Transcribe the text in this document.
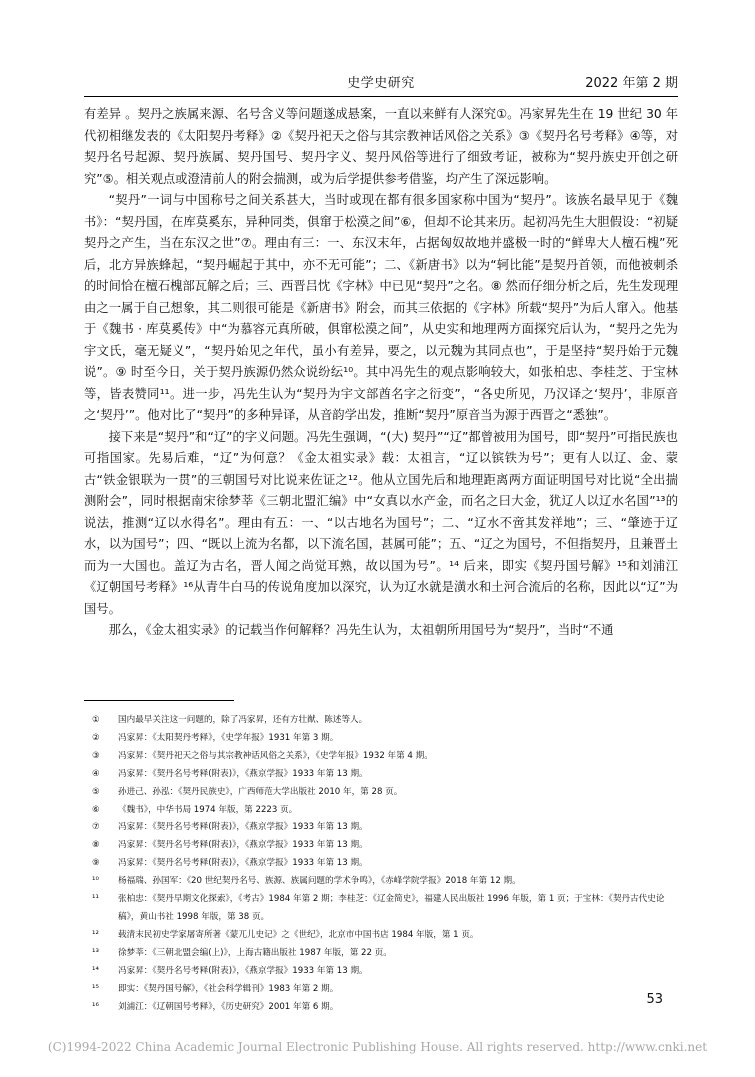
史学史研究	2022 年第 2 期

有差异 。契丹之族属来源、名号含义等问题遂成悬案，一直以来鲜有人深究①。冯家昇先生在 19 世纪 30 年代初相继发表的《太阳契丹考释》②《契丹祀天之俗与其宗教神话风俗之关系》③《契丹名号考释》④等，对契丹名号起源、契丹族属、契丹国号、契丹字义、契丹风俗等进行了细致考证，被称为“契丹族史开创之研究”⑤。相关观点或澄清前人的附会揣测，或为后学提供参考借鉴，均产生了深远影响。

“契丹”一词与中国称号之间关系甚大，当时或现在都有很多国家称中国为“契丹”。该族名最早见于《魏书》：“契丹国，在库莫奚东，异种同类，俱窜于松漠之间”⑥，但却不论其来历。起初冯先生大胆假设：“初疑契丹之产生，当在东汉之世”⑦。理由有三：一、东汉末年，占据匈奴故地并盛极一时的“鲜卑大人檀石槐”死后，北方异族蜂起，“契丹崛起于其中，亦不无可能”；二、《新唐书》以为“轲比能”是契丹首领，而他被刺杀的时间恰在檀石槐部瓦解之后；三、西晋吕忱《字林》中已见“契丹”之名。⑧ 然而仔细分析之后，先生发现理由之一属于自己想象，其二则很可能是《新唐书》附会，而其三依据的《字林》所载“契丹”为后人窜入。他基于《魏书 · 库莫奚传》中“为慕容元真所破，俱窜松漠之间”，从史实和地理两方面探究后认为，“契丹之先为宇文氏，毫无疑义”，“契丹始见之年代，虽小有差异，要之，以元魏为其同点也”，于是坚持“契丹始于元魏说”。⑨ 时至今日，关于契丹族源仍然众说纷纭¹⁰。其中冯先生的观点影响较大，如张柏忠、李桂芝、于宝林等，皆表赞同¹¹。进一步，冯先生认为“契丹为宇文部酋名字之衍变”，“各史所见，乃汉译之‘契丹’，非原音之‘契丹’”。他对比了“契丹”的多种异译，从音韵学出发，推断“契丹”原音当为源于西晋之“悉独”。

接下来是“契丹”和“辽”的字义问题。冯先生强调，“(大) 契丹”“辽”都曾被用为国号，即“契丹”可指民族也可指国家。先易后难，“辽”为何意？《金太祖实录》载：太祖言，“辽以镔铁为号”；更有人以辽、金、蒙古“铁金银联为一贯”的三朝国号对比说来佐证之¹²。他从立国先后和地理距离两方面证明国号对比说“全出揣测附会”，同时根据南宋徐梦莘《三朝北盟汇编》中“女真以水产金，而名之曰大金，犹辽人以辽水名国”¹³的说法，推测“辽以水得名”。理由有五：一、“以古地名为国号”；二、“辽水不啻其发祥地”；三、“肇迹于辽水，以为国号”；四、“既以上流为名都，以下流名国，甚属可能”；五、“辽之为国号，不但指契丹，且兼晋土而为一大国也。盖辽为古名，晋人闻之尚觉耳熟，故以国为号”。¹⁴ 后来，即实《契丹国号解》¹⁵和刘浦江《辽朝国号考释》¹⁶从青牛白马的传说角度加以深究，认为辽水就是潢水和土河合流后的名称，因此以“辽”为国号。

那么，《金太祖实录》的记载当作何解释？冯先生认为，太祖朝所用国号为“契丹”，当时“不通

①	国内最早关注这一问题的，除了冯家昇，还有方壮猷、陈述等人。
②	冯家昇：《太阳契丹考释》，《史学年报》1931 年第 3 期。
③	冯家昇：《契丹祀天之俗与其宗教神话风俗之关系》，《史学年报》1932 年第 4 期。
④	冯家昇：《契丹名号考释(附表)》，《燕京学报》1933 年第 13 期。
⑤	孙进己、孙泓：《契丹民族史》，广西师范大学出版社 2010 年，第 28 页。
⑥	《魏书》，中华书局 1974 年版，第 2223 页。
⑦	冯家昇：《契丹名号考释(附表)》，《燕京学报》1933 年第 13 期。
⑧	冯家昇：《契丹名号考释(附表)》，《燕京学报》1933 年第 13 期。
⑨	冯家昇：《契丹名号考释(附表)》，《燕京学报》1933 年第 13 期。
¹⁰	杨福瑞、孙国军：《20 世纪契丹名号、族源、族属问题的学术争鸣》，《赤峰学院学报》2018 年第 12 期。
¹¹	张柏忠：《契丹早期文化探索》，《考古》1984 年第 2 期；李桂芝：《辽金简史》，福建人民出版社 1996 年版，第 1 页；于宝林：《契丹古代史论稿》，黄山书社 1998 年版，第 38 页。
¹²	载清末民初史学家屠寄所著《蒙兀儿史记》之《世纪》，北京市中国书店 1984 年版，第 1 页。
¹³	徐梦莘：《三朝北盟会编(上)》，上海古籍出版社 1987 年版，第 22 页。
¹⁴	冯家昇：《契丹名号考释(附表)》，《燕京学报》1933 年第 13 期。
¹⁵	即实：《契丹国号解》，《社会科学辑刊》1983 年第 2 期。
¹⁶	刘浦江：《辽朝国号考释》，《历史研究》2001 年第 6 期。	53
(C)1994-2022 China Academic Journal Electronic Publishing House. All rights reserved. http://www.cnki.net
